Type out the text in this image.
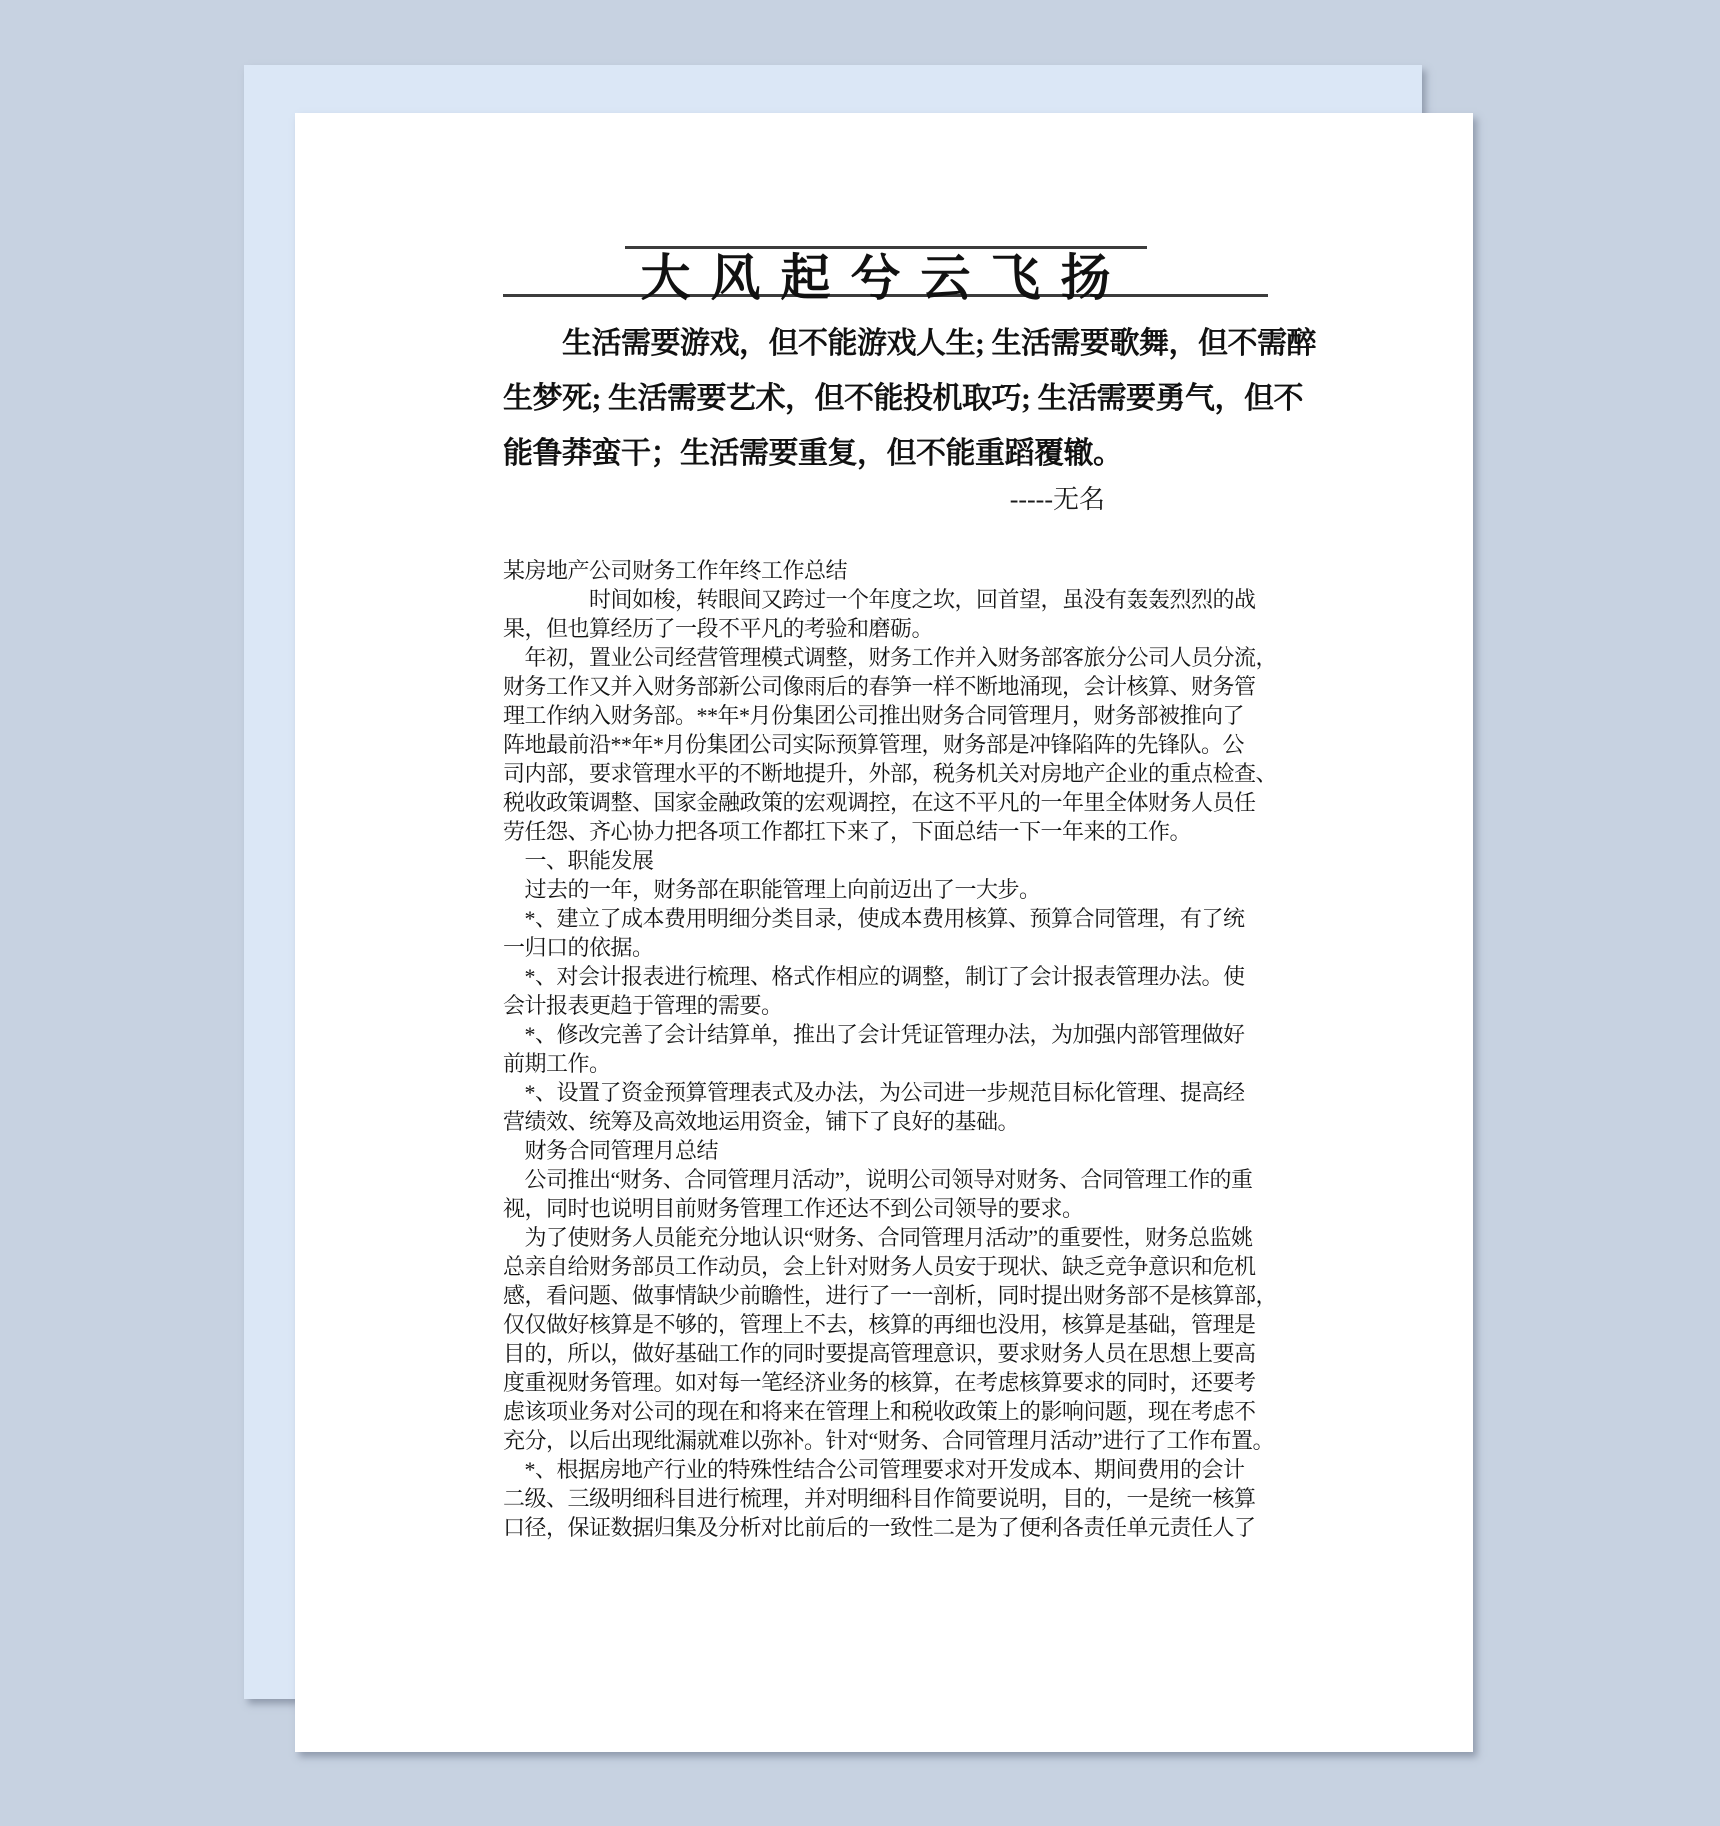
大风起兮云飞扬
　　生活需要游戏，但不能游戏人生; 生活需要歌舞，但不需醉
生梦死; 生活需要艺术，但不能投机取巧; 生活需要勇气，但不
能鲁莽蛮干；生活需要重复，但不能重蹈覆辙。
-----无名
某房地产公司财务工作年终工作总结
　　　　时间如梭，转眼间又跨过一个年度之坎，回首望，虽没有轰轰烈烈的战
果，但也算经历了一段不平凡的考验和磨砺。
　年初，置业公司经营管理模式调整，财务工作并入财务部客旅分公司人员分流，
财务工作又并入财务部新公司像雨后的春笋一样不断地涌现，会计核算、财务管
理工作纳入财务部。**年*月份集团公司推出财务合同管理月，财务部被推向了
阵地最前沿**年*月份集团公司实际预算管理，财务部是冲锋陷阵的先锋队。公
司内部，要求管理水平的不断地提升，外部，税务机关对房地产企业的重点检查、
税收政策调整、国家金融政策的宏观调控，在这不平凡的一年里全体财务人员任
劳任怨、齐心协力把各项工作都扛下来了，下面总结一下一年来的工作。
　一、职能发展
　过去的一年，财务部在职能管理上向前迈出了一大步。
　*、建立了成本费用明细分类目录，使成本费用核算、预算合同管理，有了统
一归口的依据。
　*、对会计报表进行梳理、格式作相应的调整，制订了会计报表管理办法。使
会计报表更趋于管理的需要。
　*、修改完善了会计结算单，推出了会计凭证管理办法，为加强内部管理做好
前期工作。
　*、设置了资金预算管理表式及办法，为公司进一步规范目标化管理、提高经
营绩效、统筹及高效地运用资金，铺下了良好的基础。
　财务合同管理月总结
　公司推出“财务、合同管理月活动”，说明公司领导对财务、合同管理工作的重
视，同时也说明目前财务管理工作还达不到公司领导的要求。
　为了使财务人员能充分地认识“财务、合同管理月活动”的重要性，财务总监姚
总亲自给财务部员工作动员，会上针对财务人员安于现状、缺乏竞争意识和危机
感，看问题、做事情缺少前瞻性，进行了一一剖析，同时提出财务部不是核算部，
仅仅做好核算是不够的，管理上不去，核算的再细也没用，核算是基础，管理是
目的，所以，做好基础工作的同时要提高管理意识，要求财务人员在思想上要高
度重视财务管理。如对每一笔经济业务的核算，在考虑核算要求的同时，还要考
虑该项业务对公司的现在和将来在管理上和税收政策上的影响问题，现在考虑不
充分，以后出现纰漏就难以弥补。针对“财务、合同管理月活动”进行了工作布置。
　*、根据房地产行业的特殊性结合公司管理要求对开发成本、期间费用的会计
二级、三级明细科目进行梳理，并对明细科目作简要说明，目的，一是统一核算
口径，保证数据归集及分析对比前后的一致性二是为了便利各责任单元责任人了
